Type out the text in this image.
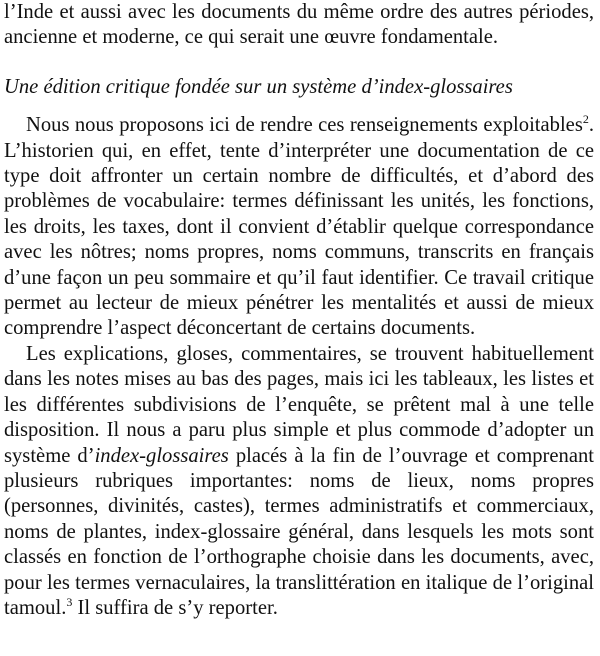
l’Inde et aussi avec les documents du même ordre des autres périodes, ancienne et moderne, ce qui serait une œuvre fondamentale.

Une édition critique fondée sur un système d’index-glossaires

Nous nous proposons ici de rendre ces renseignements exploitables$^2$. L’historien qui, en effet, tente d’interpréter une documentation de ce type doit affronter un certain nombre de difficultés, et d’abord des problèmes de vocabulaire: termes définissant les unités, les fonctions, les droits, les taxes, dont il convient d’établir quelque correspondance avec les nôtres; noms propres, noms communs, transcrits en français d’une façon un peu sommaire et qu’il faut identifier. Ce travail critique permet au lecteur de mieux pénétrer les mentalités et aussi de mieux comprendre l’aspect déconcertant de certains documents.

Les explications, gloses, commentaires, se trouvent habituellement dans les notes mises au bas des pages, mais ici les tableaux, les listes et les différentes subdivisions de l’enquête, se prêtent mal à une telle disposition. Il nous a paru plus simple et plus commode d’adopter un système d’index-glossaires placés à la fin de l’ouvrage et comprenant plusieurs rubriques importantes: noms de lieux, noms propres (personnes, divinités, castes), termes administratifs et commerciaux, noms de plantes, index-glossaire général, dans lesquels les mots sont classés en fonction de l’orthographe choisie dans les documents, avec, pour les termes vernaculaires, la translittération en italique de l’original tamoul.$^3$ Il suffira de s’y reporter.
